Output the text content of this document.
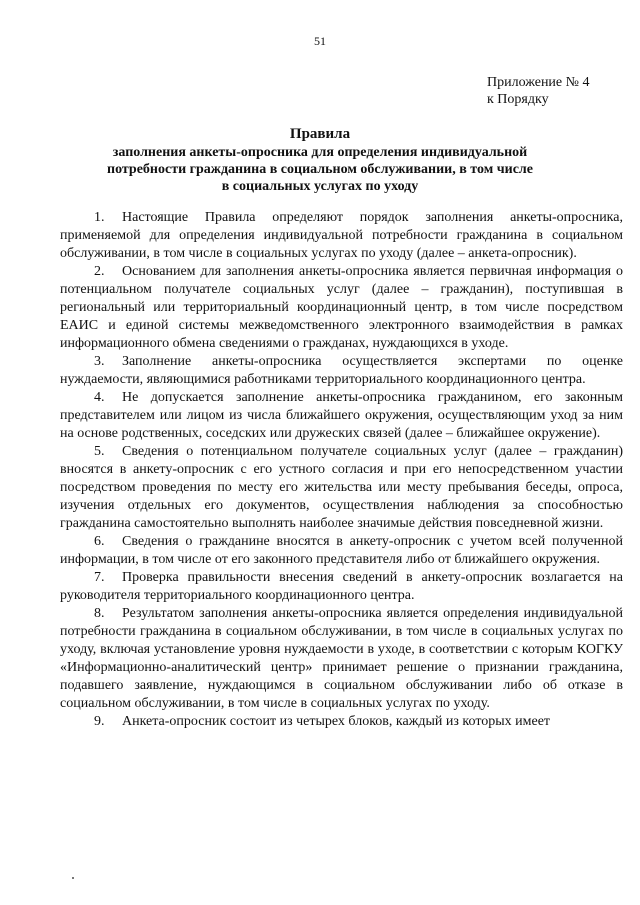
51
Приложение № 4
к Порядку
Правила
заполнения анкеты-опросника для определения индивидуальной
потребности гражданина в социальном обслуживании, в том числе
в социальных услугах по уходу

1. Настоящие Правила определяют порядок заполнения анкеты-опросника, применяемой для определения индивидуальной потребности гражданина в социальном обслуживании, в том числе в социальных услугах по уходу (далее – анкета-опросник).

2. Основанием для заполнения анкеты-опросника является первичная информация о потенциальном получателе социальных услуг (далее – гражданин), поступившая в региональный или территориальный координационный центр, в том числе посредством ЕАИС и единой системы межведомственного электронного взаимодействия в рамках информационного обмена сведениями о гражданах, нуждающихся в уходе.

3. Заполнение анкеты-опросника осуществляется экспертами по оценке нуждаемости, являющимися работниками территориального координационного центра.

4. Не допускается заполнение анкеты-опросника гражданином, его законным представителем или лицом из числа ближайшего окружения, осуществляющим уход за ним на основе родственных, соседских или дружеских связей (далее – ближайшее окружение).

5. Сведения о потенциальном получателе социальных услуг (далее – гражданин) вносятся в анкету-опросник с его устного согласия и при его непосредственном участии посредством проведения по месту его жительства или месту пребывания беседы, опроса, изучения отдельных его документов, осуществления наблюдения за способностью гражданина самостоятельно выполнять наиболее значимые действия повседневной жизни.

6. Сведения о гражданине вносятся в анкету-опросник с учетом всей полученной информации, в том числе от его законного представителя либо от ближайшего окружения.

7. Проверка правильности внесения сведений в анкету-опросник возлагается на руководителя территориального координационного центра.

8. Результатом заполнения анкеты-опросника является определения индивидуальной потребности гражданина в социальном обслуживании, в том числе в социальных услугах по уходу, включая установление уровня нуждаемости в уходе, в соответствии с которым КОГКУ «Информационно-аналитический центр» принимает решение о признании гражданина, подавшего заявление, нуждающимся в социальном обслуживании либо об отказе в социальном обслуживании, в том числе в социальных услугах по уходу.

9. Анкета-опросник состоит из четырех блоков, каждый из которых имеет
